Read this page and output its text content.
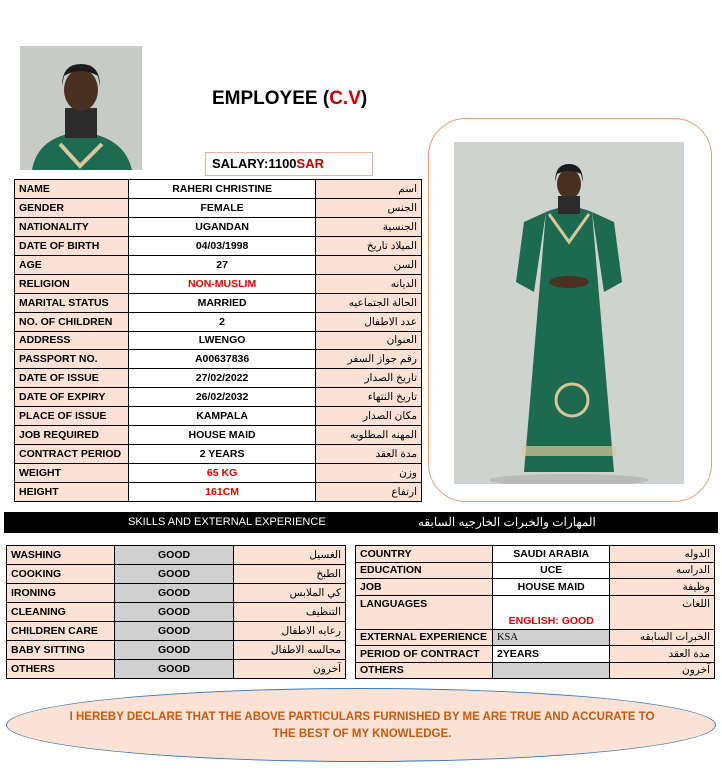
EMPLOYEE (C.V)
SALARY:1100SAR
NAME	RAHERI CHRISTINE	اسم
GENDER	FEMALE	الجنس
NATIONALITY	UGANDAN	الجنسية
DATE OF BIRTH	04/03/1998	الميلاد تاريخ
AGE	27	السن
RELIGION	NON-MUSLIM	الديانه
MARITAL STATUS	MARRIED	الحالة الجتماعيه
NO. OF CHILDREN	2	عدد الاطفال
ADDRESS	LWENGO	العنوان
PASSPORT NO.	A00637836	رقم جواز السفر
DATE OF ISSUE	27/02/2022	تاريخ الصدار
DATE OF EXPIRY	26/02/2032	تاريخ النتهاء
PLACE OF ISSUE	KAMPALA	مكان الصدار
JOB REQUIRED	HOUSE MAID	المهنه المطلوبه
CONTRACT PERIOD	2 YEARS	مدة العقد
WEIGHT	65 KG	وزن
HEIGHT	161CM	ارتفاع
SKILLS AND EXTERNAL EXPERIENCE	المهارات والخبرات الخارجيه السابقه
WASHING	GOOD	الغسيل
COOKING	GOOD	الطبخ
IRONING	GOOD	كي الملابس
CLEANING	GOOD	التنظيف
CHILDREN CARE	GOOD	رعايه الاطفال
BABY SITTING	GOOD	مجالسه الاطفال
OTHERS	GOOD	آخرون
COUNTRY	SAUDI ARABIA	الدوله
EDUCATION	UCE	الدراسه
JOB	HOUSE MAID	وظيفة
LANGUAGES	ENGLISH: GOOD	اللغات
EXTERNAL EXPERIENCE	KSA	الخبرات السابقه
PERIOD OF CONTRACT	2YEARS	مدة العقد
OTHERS		آخرون
I HEREBY DECLARE THAT THE ABOVE PARTICULARS FURNISHED BY ME ARE TRUE AND ACCURATE TO THE BEST OF MY KNOWLEDGE.
